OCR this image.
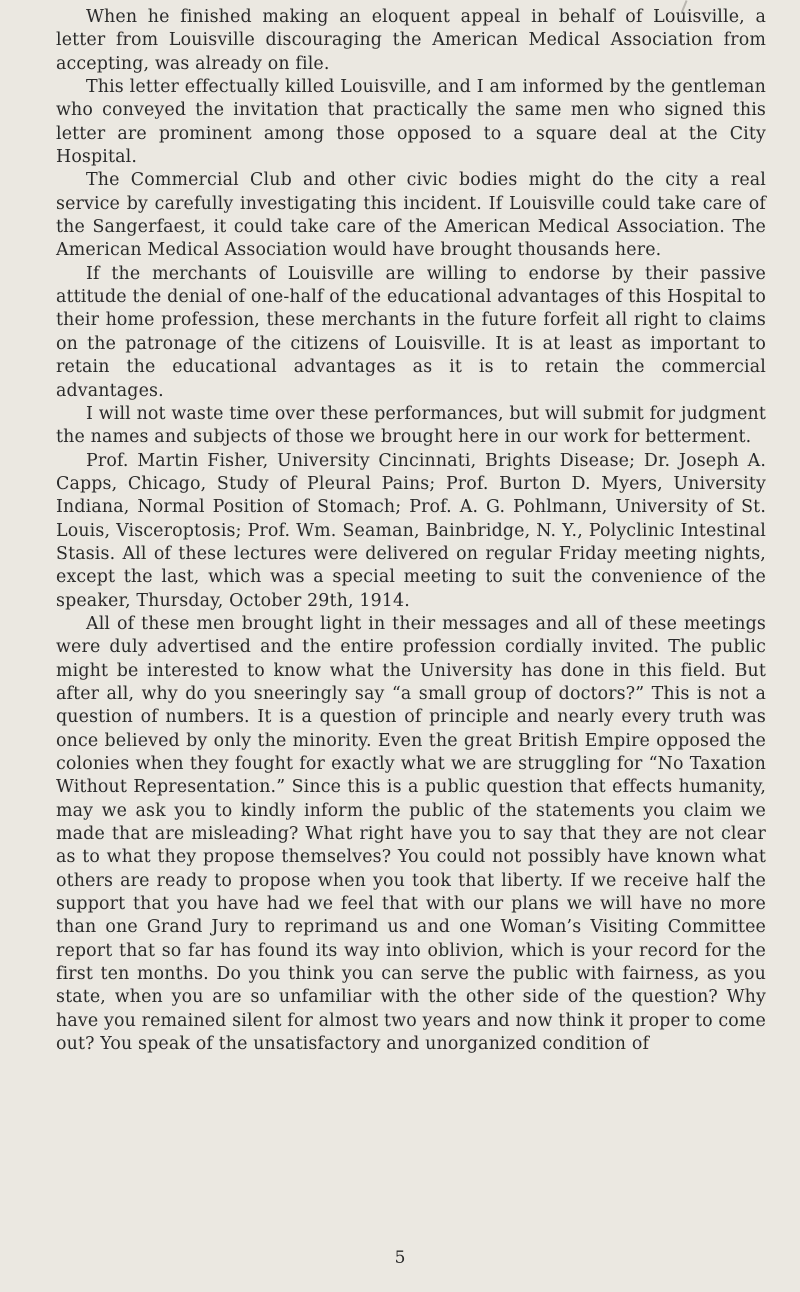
When he finished making an eloquent appeal in behalf of Louisville, a letter from Louisville discouraging the American Medical Association from accepting, was already on file.

This letter effectually killed Louisville, and I am informed by the gentleman who conveyed the invitation that practically the same men who signed this letter are prominent among those opposed to a square deal at the City Hospital.

The Commercial Club and other civic bodies might do the city a real service by carefully investigating this incident. If Louisville could take care of the Sangerfaest, it could take care of the American Medical Association. The American Medical Association would have brought thousands here.

If the merchants of Louisville are willing to endorse by their passive attitude the denial of one-half of the educational advantages of this Hospital to their home profession, these merchants in the future forfeit all right to claims on the patronage of the citizens of Louisville. It is at least as important to retain the educational advantages as it is to retain the commercial advantages.

I will not waste time over these performances, but will submit for judgment the names and subjects of those we brought here in our work for betterment.

Prof. Martin Fisher, University Cincinnati, Brights Disease; Dr. Joseph A. Capps, Chicago, Study of Pleural Pains; Prof. Burton D. Myers, University Indiana, Normal Position of Stomach; Prof. A. G. Pohlmann, University of St. Louis, Visceroptosis; Prof. Wm. Seaman, Bainbridge, N. Y., Polyclinic Intestinal Stasis. All of these lectures were delivered on regular Friday meeting nights, except the last, which was a special meeting to suit the convenience of the speaker, Thursday, October 29th, 1914.

All of these men brought light in their messages and all of these meetings were duly advertised and the entire profession cordially invited. The public might be interested to know what the University has done in this field. But after all, why do you sneeringly say “a small group of doctors?” This is not a question of numbers. It is a question of principle and nearly every truth was once believed by only the minority. Even the great British Empire opposed the colonies when they fought for exactly what we are struggling for “No Taxation Without Representation.” Since this is a public question that effects humanity, may we ask you to kindly inform the public of the statements you claim we made that are misleading? What right have you to say that they are not clear as to what they propose themselves? You could not possibly have known what others are ready to propose when you took that liberty. If we receive half the support that you have had we feel that with our plans we will have no more than one Grand Jury to reprimand us and one Woman’s Visiting Committee report that so far has found its way into oblivion, which is your record for the first ten months. Do you think you can serve the public with fairness, as you state, when you are so unfamiliar with the other side of the question? Why have you remained silent for almost two years and now think it proper to come out? You speak of the unsatisfactory and unorganized condition of

5
